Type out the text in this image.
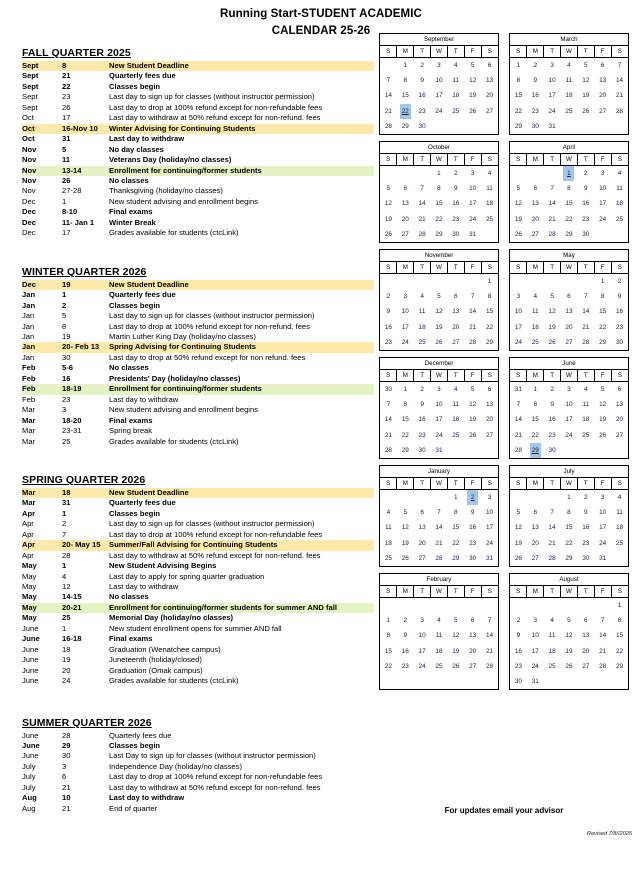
Running Start-STUDENT ACADEMIC
CALENDAR 25-26
FALL QUARTER 2025
Sept	8	New Student Deadline
Sept	21	Quarterly fees due
Sept	22	Classes begin
Sept	23	Last day to sign up for classes (without instructor permission)
Sept	26	Last day to drop at 100% refund except for non-refundable fees
Oct	17	Last day to withdraw at 50% refund except for non-refund. fees
Oct	16-Nov 10	Winter Advising for Continuing Students
Oct	31	Last day to withdraw
Nov	5	No day classes
Nov	11	Veterans Day (holiday/no classes)
Nov	13-14	Enrollment for continuing/former students
Nov	26	No classes
Nov	27-28	Thanksgiving (holiday/no classes)
Dec	1	New student advising and enrollment begins
Dec	8-10	Final exams
Dec	11- Jan 1	Winter Break
Dec	17	Grades available for students (ctcLink)
WINTER QUARTER 2026
Dec	19	New Student Deadline
Jan	1	Quarterly fees due
Jan	2	Classes begin
Jan	5	Last day to sign up for classes (without instructor permission)
Jan	8	Last day to drop at 100% refund except for non-refund. fees
Jan	19	Martin Luther King Day (holiday/no classes)
Jan	20- Feb 13	Spring Advising for Continuing Students
Jan	30	Last day to drop at 50% refund except for non refund. fees
Feb	5-6	No classes
Feb	16	Presidents' Day (holiday/no classes)
Feb	18-19	Enrollment for continuing/former students
Feb	23	Last day to withdraw
Mar	3	New student advising and enrollment begins
Mar	18-20	Final exams
Mar	23-31	Spring break
Mar	25	Grades available for students (ctcLink)
SPRING QUARTER 2026
Mar	18	New Student Deadline
Mar	31	Quarterly fees due
Apr	1	Classes begin
Apr	2	Last day to sign up for classes (without instructor permission)
Apr	7	Last day to drop at 100% refund except for non-refundable fees
Apr	20- May 15	Summer/Fall Advising for Continuing Students
Apr	28	Last day to withdraw at 50% refund except for non-refund. fees
May	1	New Student Advising Begins
May	4	Last day to apply for spring quarter graduation
May	12	Last day to withdraw
May	14-15	No classes
May	20-21	Enrollment for continuing/former students for summer AND fall
May	25	Memorial Day (holiday/no classes)
June	1	New student enrollment opens for summer AND fall
June	16-18	Final exams
June	18	Graduation (Wenatchee campus)
June	19	Juneteenth (holiday/closed)
June	20	Graduation (Omak campus)
June	24	Grades available for students (ctcLink)
SUMMER QUARTER 2026
June	28	Quarterly fees due
June	29	Classes begin
June	30	Last Day to sign up for classes (without instructor permission)
July	3	Independence Day (holiday/no classes)
July	6	Last day to drop at 100% refund except for non-refundable fees
July	21	Last day to withdraw at 50% refund except for non-refund. fees
Aug	10	Last day to withdraw
Aug	21	End of quarter
September
S	M	T	W	T	F	S
	1	2	3	4	5	6
7	8	9	10	11	12	13
14	15	16	17	18	19	20
21	22	23	24	25	26	27
28	29	30				
March
S	M	T	W	T	F	S
1	2	3	4	5	6	7
8	9	10	11	12	13	14
15	16	17	18	19	20	21
22	23	24	25	26	27	28
29	30	31				
October
S	M	T	W	T	F	S
			1	2	3	4
5	6	7	8	9	10	11
12	13	14	15	16	17	18
19	20	21	22	23	24	25
26	27	28	29	30	31	
April
S	M	T	W	T	F	S
			1	2	3	4
5	6	7	8	9	10	11
12	13	14	15	16	17	18
19	20	21	22	23	24	25
26	27	28	29	30		
November
S	M	T	W	T	F	S
						1
2	3	4	5	6	7	8
9	10	11	12	13	14	15
16	17	18	19	20	21	22
23	24	25	26	27	28	29
May
S	M	T	W	T	F	S
					1	2
3	4	5	6	7	8	9
10	11	12	13	14	15	16
17	18	19	20	21	22	23
24	25	26	27	28	29	30
December
S	M	T	W	T	F	S
30	1	2	3	4	5	6
7	8	9	10	11	12	13
14	15	16	17	18	19	20
21	22	23	24	25	26	27
28	29	30	31			
June
S	M	T	W	T	F	S
31	1	2	3	4	5	6
7	8	9	10	11	12	13
14	15	16	17	18	19	20
21	22	23	24	25	26	27
28	29	30				
January
S	M	T	W	T	F	S
				1	2	3
4	5	6	7	8	9	10
11	12	13	14	15	16	17
18	19	20	21	22	23	24
25	26	27	28	29	30	31
July
S	M	T	W	T	F	S
			1	2	3	4
5	6	7	8	9	10	11
12	13	14	15	16	17	18
19	20	21	22	23	24	25
26	27	28	29	30	31	
February
S	M	T	W	T	F	S

1	2	3	4	5	6	7
8	9	10	11	12	13	14
15	16	17	18	19	20	21
22	23	24	25	26	27	28
August
S	M	T	W	T	F	S
						1
2	3	4	5	6	7	8
9	10	11	12	13	14	15
16	17	18	19	20	21	22
23	24	25	26	27	28	29
30	31					
For updates email your advisor
Revised 7/8//2025
